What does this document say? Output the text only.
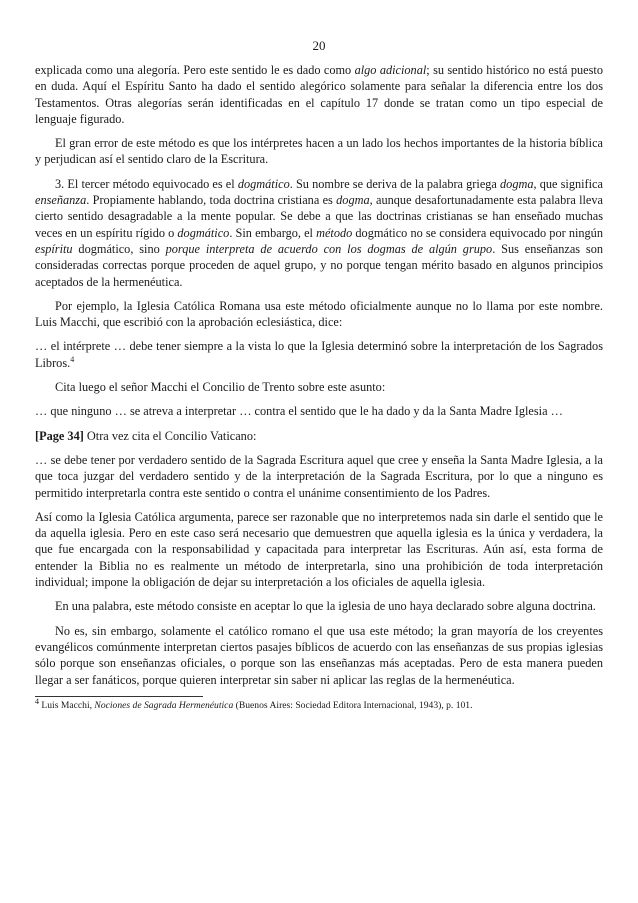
20

explicada como una alegoría. Pero este sentido le es dado como algo adicional; su sentido histórico no está puesto en duda. Aquí el Espíritu Santo ha dado el sentido alegórico solamente para señalar la diferencia entre los dos Testamentos. Otras alegorías serán identificadas en el capítulo 17 donde se tratan como un tipo especial de lenguaje figurado.

El gran error de este método es que los intérpretes hacen a un lado los hechos importantes de la historia bíblica y perjudican así el sentido claro de la Escritura.

3. El tercer método equivocado es el dogmático. Su nombre se deriva de la palabra griega dogma, que significa enseñanza. Propiamente hablando, toda doctrina cristiana es dogma, aunque desafortunadamente esta palabra lleva cierto sentido desagradable a la mente popular. Se debe a que las doctrinas cristianas se han enseñado muchas veces en un espíritu rígido o dogmático. Sin embargo, el método dogmático no se considera equivocado por ningún espíritu dogmático, sino porque interpreta de acuerdo con los dogmas de algún grupo. Sus enseñanzas son consideradas correctas porque proceden de aquel grupo, y no porque tengan mérito basado en algunos principios aceptados de la hermenéutica.

Por ejemplo, la Iglesia Católica Romana usa este método oficialmente aunque no lo llama por este nombre. Luis Macchi, que escribió con la aprobación eclesiástica, dice:

… el intérprete … debe tener siempre a la vista lo que la Iglesia determinó sobre la interpretación de los Sagrados Libros.$^4$

Cita luego el señor Macchi el Concilio de Trento sobre este asunto:

… que ninguno … se atreva a interpretar … contra el sentido que le ha dado y da la Santa Madre Iglesia …

[Page 34] Otra vez cita el Concilio Vaticano:

… se debe tener por verdadero sentido de la Sagrada Escritura aquel que cree y enseña la Santa Madre Iglesia, a la que toca juzgar del verdadero sentido y de la interpretación de la Sagrada Escritura, por lo que a ninguno es permitido interpretarla contra este sentido o contra el unánime consentimiento de los Padres.

Así como la Iglesia Católica argumenta, parece ser razonable que no interpretemos nada sin darle el sentido que le da aquella iglesia. Pero en este caso será necesario que demuestren que aquella iglesia es la única y verdadera, la que fue encargada con la responsabilidad y capacitada para interpretar las Escrituras. Aún así, esta forma de entender la Biblia no es realmente un método de interpretarla, sino una prohibición de toda interpretación individual; impone la obligación de dejar su interpretación a los oficiales de aquella iglesia.

En una palabra, este método consiste en aceptar lo que la iglesia de uno haya declarado sobre alguna doctrina.

No es, sin embargo, solamente el católico romano el que usa este método; la gran mayoría de los creyentes evangélicos comúnmente interpretan ciertos pasajes bíblicos de acuerdo con las enseñanzas de sus propias iglesias sólo porque son enseñanzas oficiales, o porque son las enseñanzas más aceptadas. Pero de esta manera pueden llegar a ser fanáticos, porque quieren interpretar sin saber ni aplicar las reglas de la hermenéutica.

$^4$ Luis Macchi, Nociones de Sagrada Hermenéutica (Buenos Aires: Sociedad Editora Internacional, 1943), p. 101.
